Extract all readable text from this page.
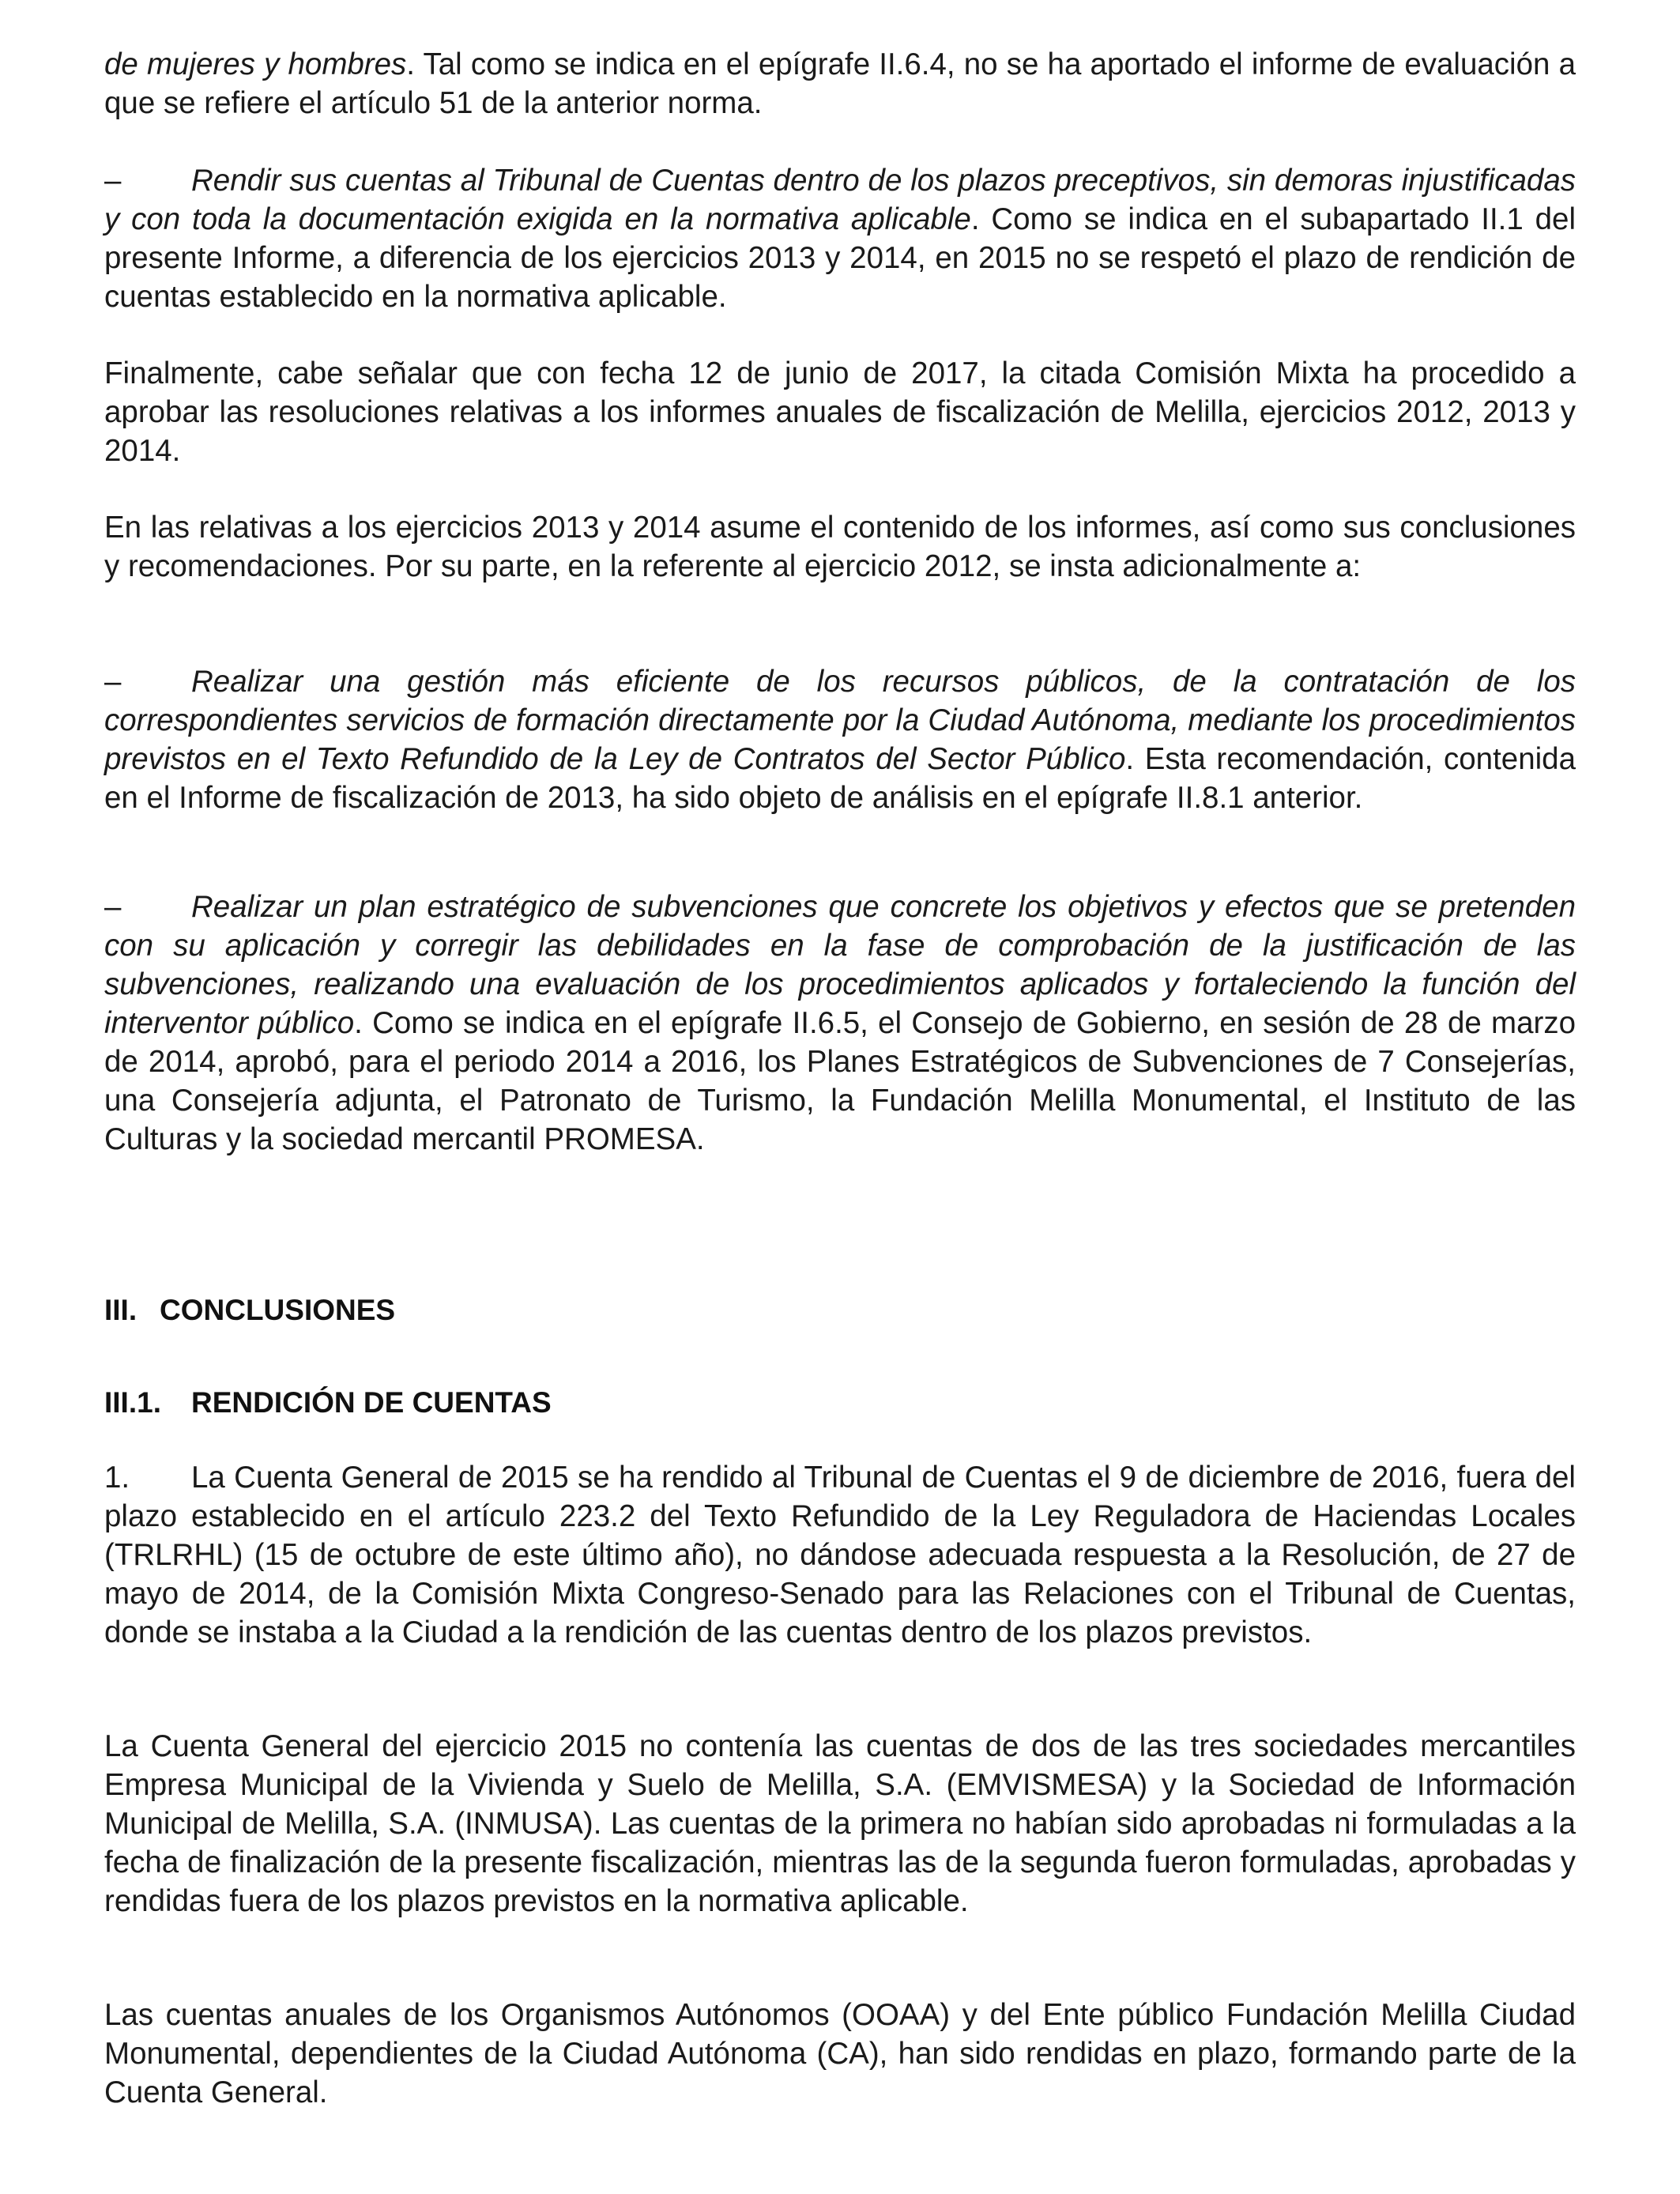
de mujeres y hombres. Tal como se indica en el epígrafe II.6.4, no se ha aportado el informe de evaluación a que se refiere el artículo 51 de la anterior norma.

– Rendir sus cuentas al Tribunal de Cuentas dentro de los plazos preceptivos, sin demoras injustificadas y con toda la documentación exigida en la normativa aplicable. Como se indica en el subapartado II.1 del presente Informe, a diferencia de los ejercicios 2013 y 2014, en 2015 no se respetó el plazo de rendición de cuentas establecido en la normativa aplicable.

Finalmente, cabe señalar que con fecha 12 de junio de 2017, la citada Comisión Mixta ha procedido a aprobar las resoluciones relativas a los informes anuales de fiscalización de Melilla, ejercicios 2012, 2013 y 2014.

En las relativas a los ejercicios 2013 y 2014 asume el contenido de los informes, así como sus conclusiones y recomendaciones. Por su parte, en la referente al ejercicio 2012, se insta adicionalmente a:

– Realizar una gestión más eficiente de los recursos públicos, de la contratación de los correspondientes servicios de formación directamente por la Ciudad Autónoma, mediante los procedimientos previstos en el Texto Refundido de la Ley de Contratos del Sector Público. Esta recomendación, contenida en el Informe de fiscalización de 2013, ha sido objeto de análisis en el epígrafe II.8.1 anterior.

– Realizar un plan estratégico de subvenciones que concrete los objetivos y efectos que se pretenden con su aplicación y corregir las debilidades en la fase de comprobación de la justificación de las subvenciones, realizando una evaluación de los procedimientos aplicados y fortaleciendo la función del interventor público. Como se indica en el epígrafe II.6.5, el Consejo de Gobierno, en sesión de 28 de marzo de 2014, aprobó, para el periodo 2014 a 2016, los Planes Estratégicos de Subvenciones de 7 Consejerías, una Consejería adjunta, el Patronato de Turismo, la Fundación Melilla Monumental, el Instituto de las Culturas y la sociedad mercantil PROMESA.

III. CONCLUSIONES
III.1. RENDICIÓN DE CUENTAS

1. La Cuenta General de 2015 se ha rendido al Tribunal de Cuentas el 9 de diciembre de 2016, fuera del plazo establecido en el artículo 223.2 del Texto Refundido de la Ley Reguladora de Haciendas Locales (TRLRHL) (15 de octubre de este último año), no dándose adecuada respuesta a la Resolución, de 27 de mayo de 2014, de la Comisión Mixta Congreso-Senado para las Relaciones con el Tribunal de Cuentas, donde se instaba a la Ciudad a la rendición de las cuentas dentro de los plazos previstos.

La Cuenta General del ejercicio 2015 no contenía las cuentas de dos de las tres sociedades mercantiles Empresa Municipal de la Vivienda y Suelo de Melilla, S.A. (EMVISMESA) y la Sociedad de Información Municipal de Melilla, S.A. (INMUSA). Las cuentas de la primera no habían sido aprobadas ni formuladas a la fecha de finalización de la presente fiscalización, mientras las de la segunda fueron formuladas, aprobadas y rendidas fuera de los plazos previstos en la normativa aplicable.

Las cuentas anuales de los Organismos Autónomos (OOAA) y del Ente público Fundación Melilla Ciudad Monumental, dependientes de la Ciudad Autónoma (CA), han sido rendidas en plazo, formando parte de la Cuenta General.
